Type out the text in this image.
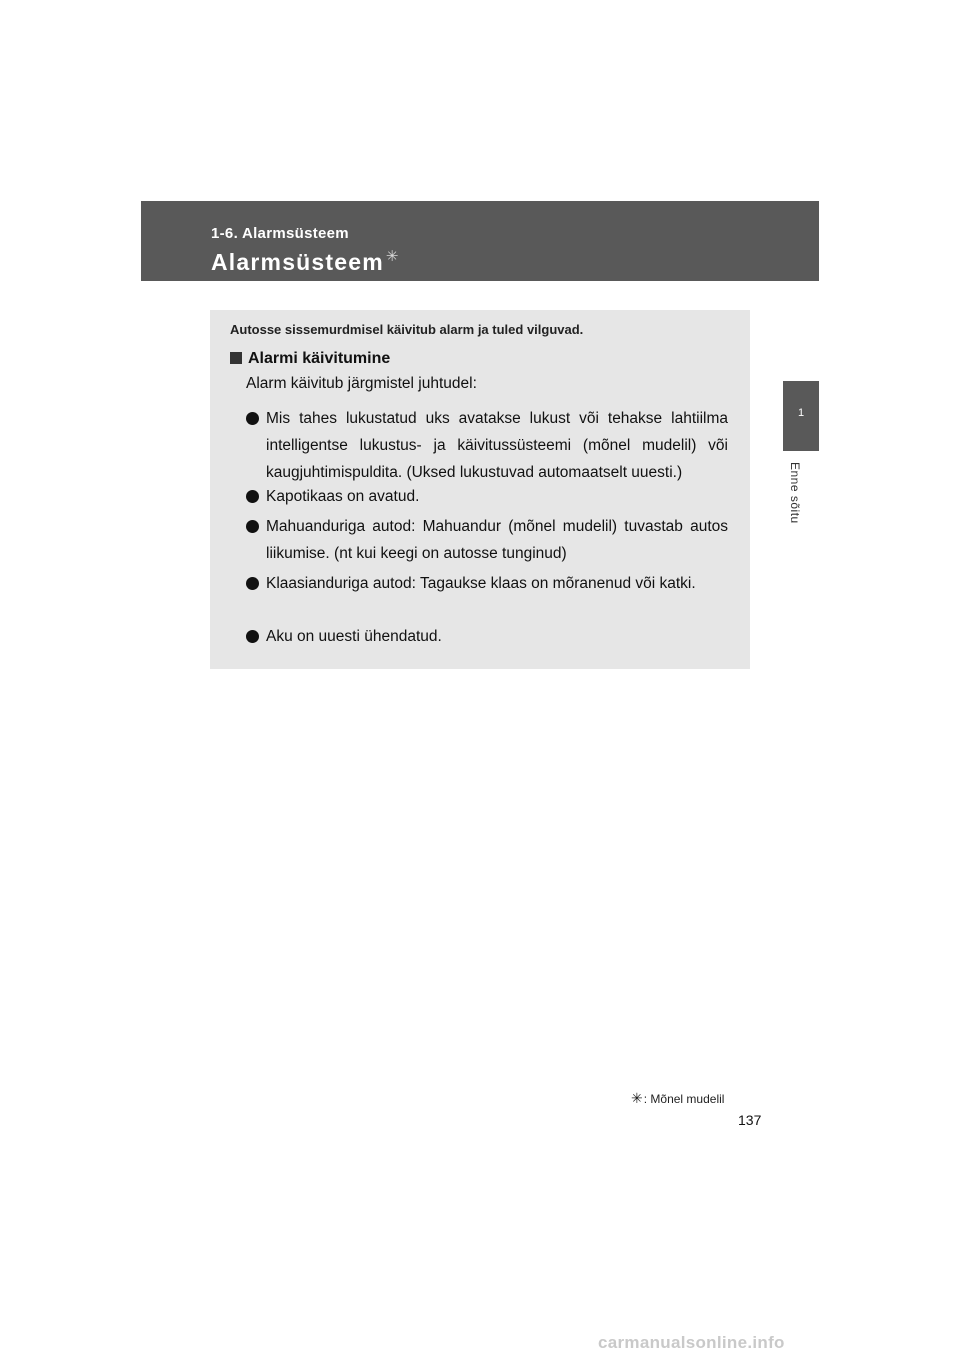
1-6. Alarmsüsteem
Alarmsüsteem ✳
1
Enne sõitu
Autosse sissemurdmisel käivitub alarm ja tuled vilguvad.
Alarmi käivitumine
Alarm käivitub järgmistel juhtudel:
Mis tahes lukustatud uks avatakse lukust või tehakse lahtiilma intelligentse lukustus- ja käivitussüsteemi (mõnel mudelil) või kaugjuhtimispuldita. (Uksed lukustuvad automaatselt uuesti.)
Kapotikaas on avatud.
Mahuanduriga autod: Mahuandur (mõnel mudelil) tuvastab autos liikumise. (nt kui keegi on autosse tunginud)
Klaasianduriga autod: Tagaukse klaas on mõranenud või katki.
Aku on uuesti ühendatud.
✳: Mõnel mudelil
137
carmanualsonline.info
